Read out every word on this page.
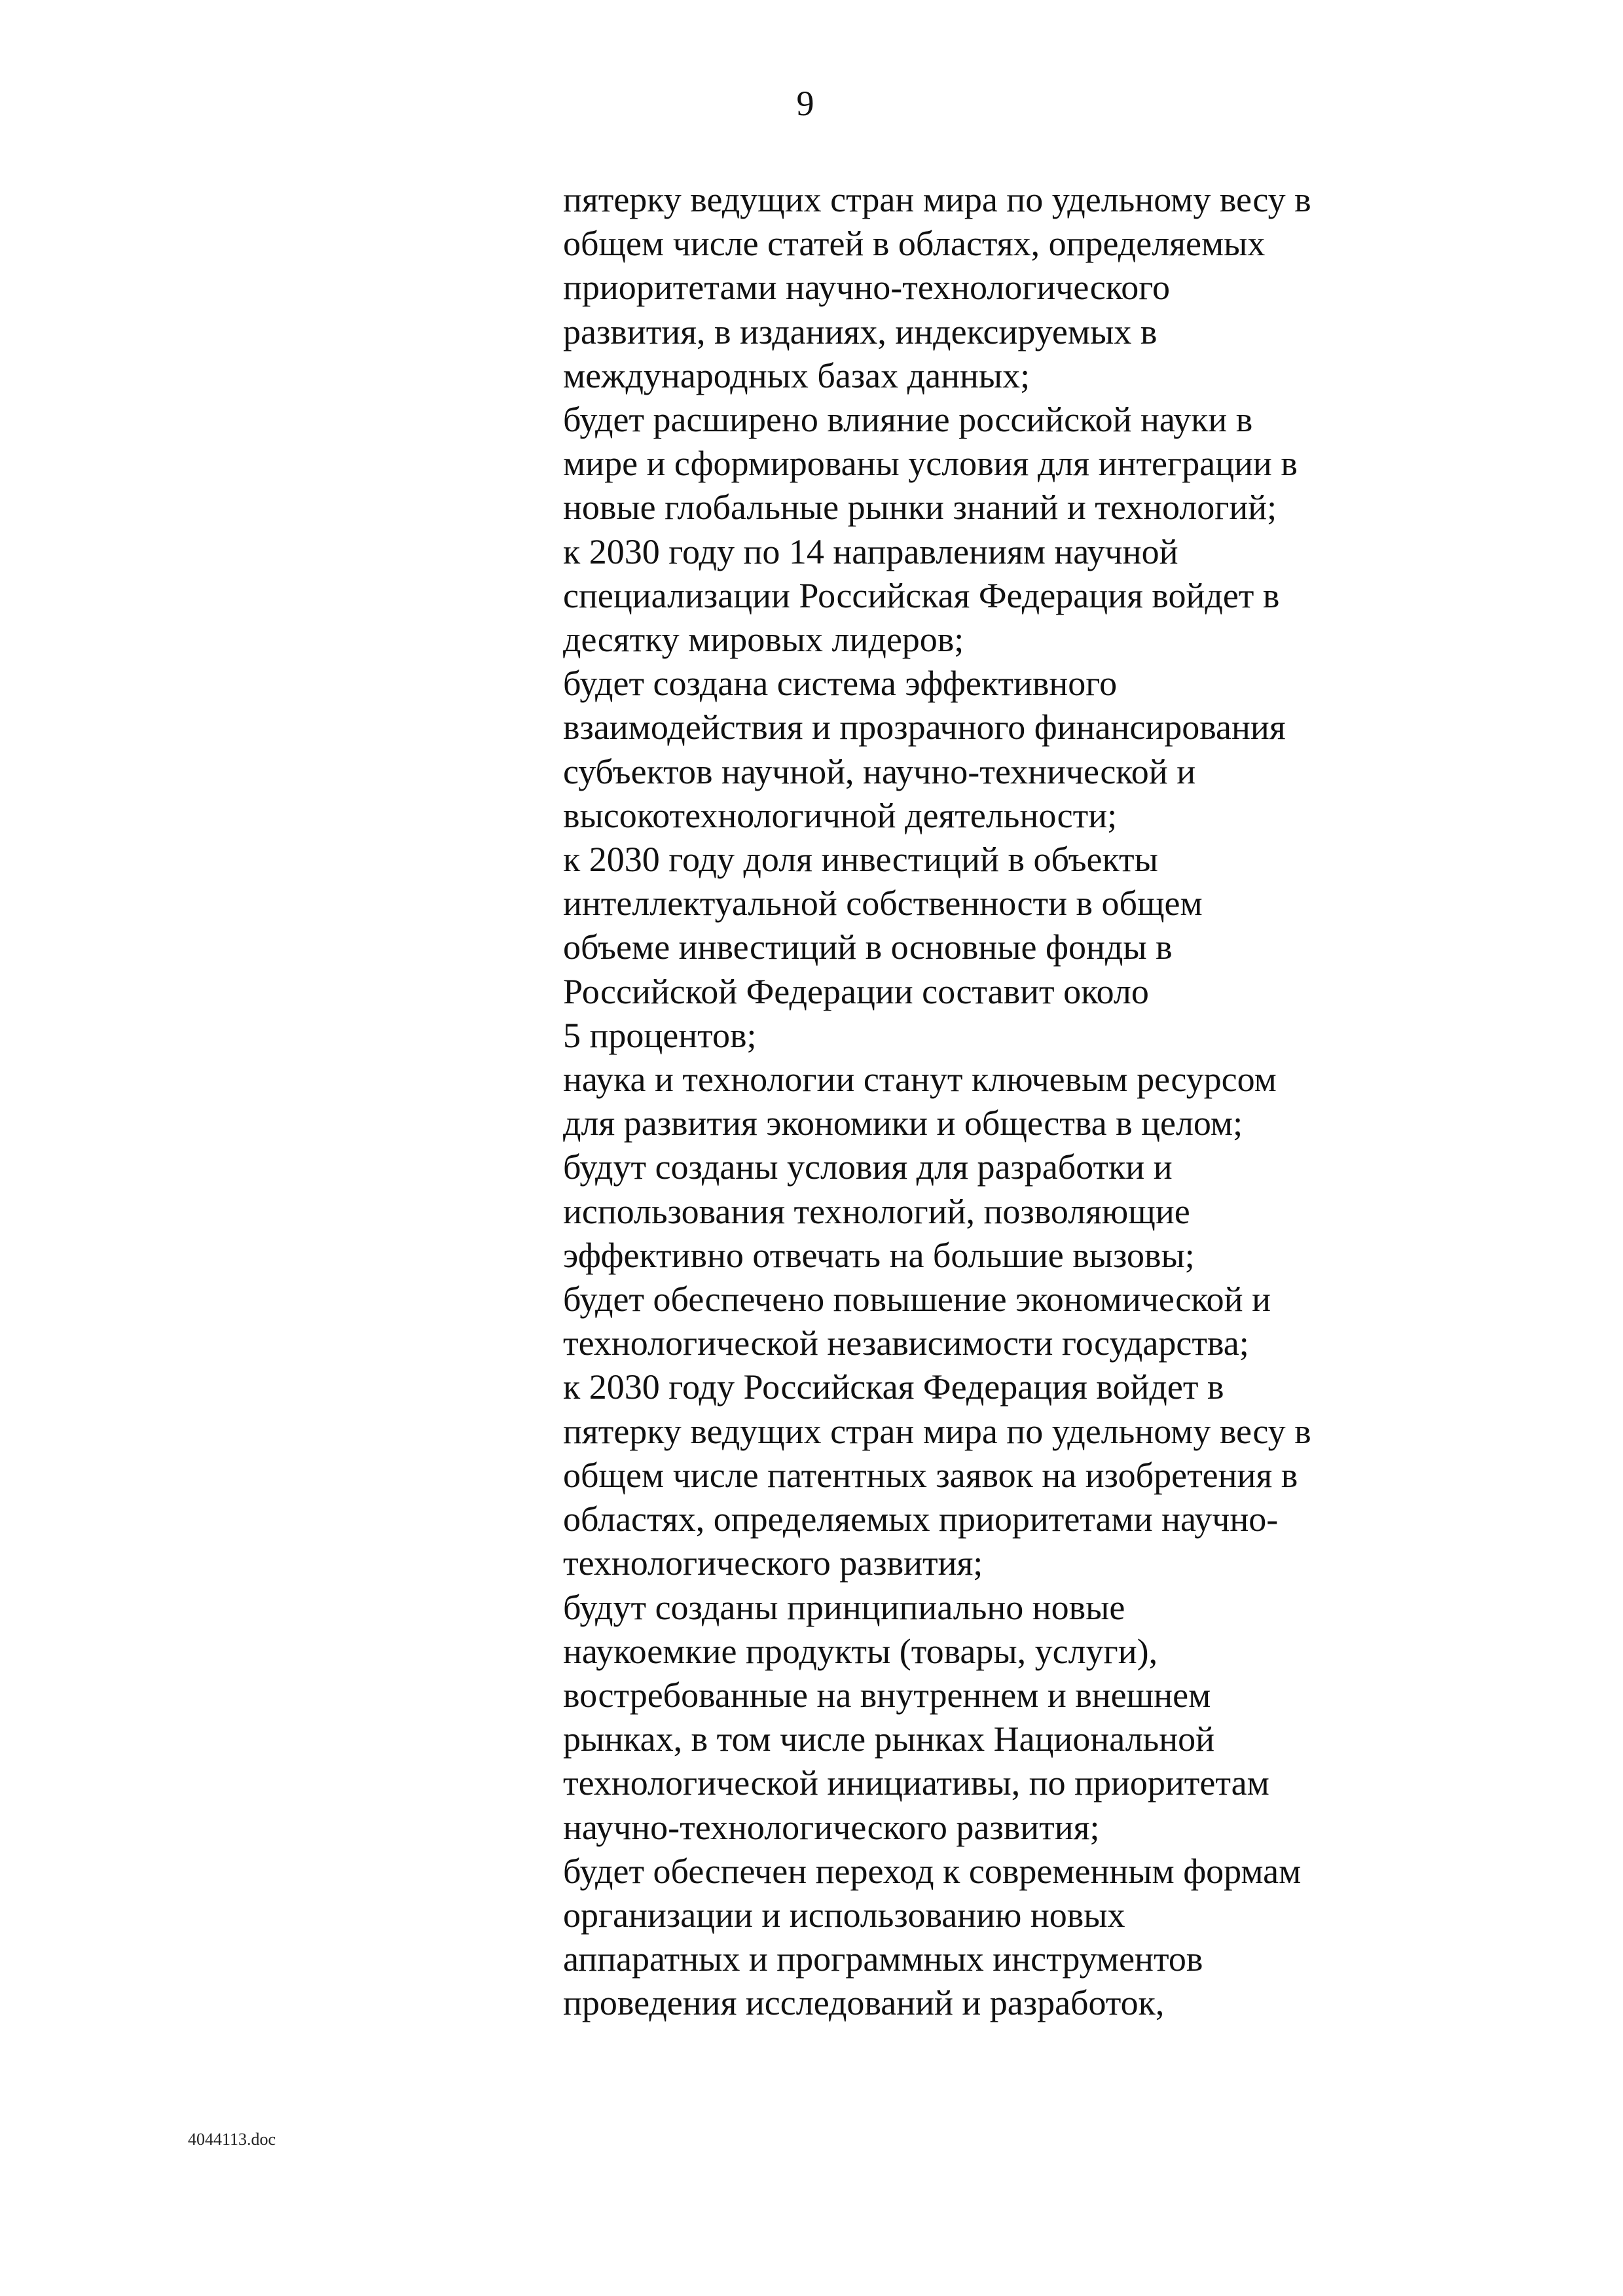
9
пятерку ведущих стран мира по удельному весу в
общем числе статей в областях, определяемых
приоритетами научно-технологического
развития, в изданиях, индексируемых в
международных базах данных;
будет расширено влияние российской науки в
мире и сформированы условия для интеграции в
новые глобальные рынки знаний и технологий;
к 2030 году по 14 направлениям научной
специализации Российская Федерация войдет в
десятку мировых лидеров;
будет создана система эффективного
взаимодействия и прозрачного финансирования
субъектов научной, научно-технической и
высокотехнологичной деятельности;
к 2030 году доля инвестиций в объекты
интеллектуальной собственности в общем
объеме инвестиций в основные фонды в
Российской Федерации составит около
5 процентов;
наука и технологии станут ключевым ресурсом
для развития экономики и общества в целом;
будут созданы условия для разработки и
использования технологий, позволяющие
эффективно отвечать на большие вызовы;
будет обеспечено повышение экономической и
технологической независимости государства;
к 2030 году Российская Федерация войдет в
пятерку ведущих стран мира по удельному весу в
общем числе патентных заявок на изобретения в
областях, определяемых приоритетами научно-
технологического развития;
будут созданы принципиально новые
наукоемкие продукты (товары, услуги),
востребованные на внутреннем и внешнем
рынках, в том числе рынках Национальной
технологической инициативы, по приоритетам
научно-технологического развития;
будет обеспечен переход к современным формам
организации и использованию новых
аппаратных и программных инструментов
проведения исследований и разработок,
4044113.doc
